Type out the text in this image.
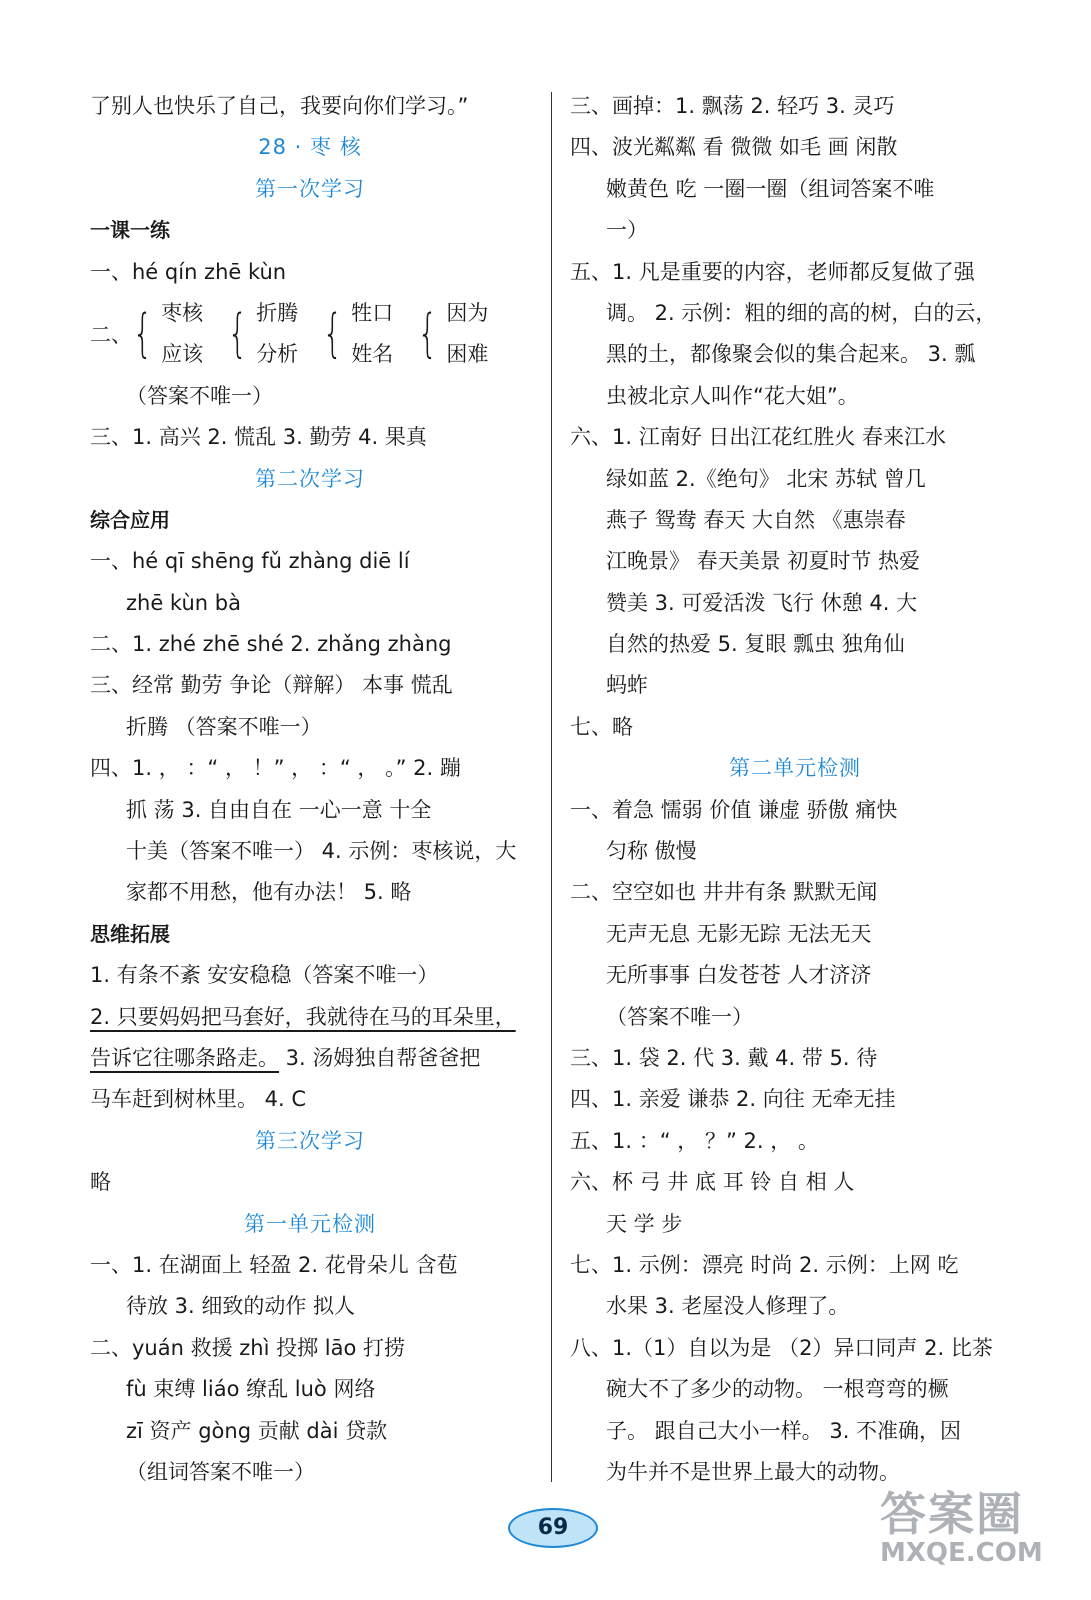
了别人也快乐了自己，我要向你们学习。”
28 · 枣 核
第一次学习
一课一练
一、hé qín zhē kùn
二、 { 枣核
应该 { 折腾
分析 { 牲口
姓名 { 因为
困难
（答案不唯一）
三、1. 高兴 2. 慌乱 3. 勤劳 4. 果真
第二次学习
综合应用
一、hé qī shēng fǔ zhàng diē lí
zhē kùn bà
二、1. zhé zhē shé 2. zhǎng zhàng
三、经常 勤劳 争论（辩解） 本事 慌乱
折腾 （答案不唯一）
四、1. ， ：“ ， ！” ， ：“ ， 。” 2. 蹦
抓 荡 3. 自由自在 一心一意 十全
十美（答案不唯一） 4. 示例：枣核说，大
家都不用愁，他有办法！ 5. 略
思维拓展
1. 有条不紊 安安稳稳（答案不唯一）
2. 只要妈妈把马套好，我就待在马的耳朵里，
告诉它往哪条路走。 3. 汤姆独自帮爸爸把
马车赶到树林里。 4. C
第三次学习
略
第一单元检测
一、1. 在湖面上 轻盈 2. 花骨朵儿 含苞
待放 3. 细致的动作 拟人
二、yuán 救援 zhì 投掷 lāo 打捞
fù 束缚 liáo 缭乱 luò 网络
zī 资产 gòng 贡献 dài 贷款
（组词答案不唯一）
三、画掉：1. 飘荡 2. 轻巧 3. 灵巧
四、波光粼粼 看 微微 如毛 画 闲散
嫩黄色 吃 一圈一圈（组词答案不唯
一）
五、1. 凡是重要的内容，老师都反复做了强
调。 2. 示例：粗的细的高的树，白的云，
黑的土，都像聚会似的集合起来。 3. 瓢
虫被北京人叫作“花大姐”。
六、1. 江南好 日出江花红胜火 春来江水
绿如蓝 2.《绝句》 北宋 苏轼 曾几
燕子 鸳鸯 春天 大自然 《惠崇春
江晚景》 春天美景 初夏时节 热爱
赞美 3. 可爱活泼 飞行 休憩 4. 大
自然的热爱 5. 复眼 瓢虫 独角仙
蚂蚱
七、略
第二单元检测
一、着急 懦弱 价值 谦虚 骄傲 痛快
匀称 傲慢
二、空空如也 井井有条 默默无闻
无声无息 无影无踪 无法无天
无所事事 白发苍苍 人才济济
（答案不唯一）
三、1. 袋 2. 代 3. 戴 4. 带 5. 待
四、1. 亲爱 谦恭 2. 向往 无牵无挂
五、1. ：“ ， ？” 2. ， 。
六、杯 弓 井 底 耳 铃 自 相 人
天 学 步
七、1. 示例：漂亮 时尚 2. 示例：上网 吃
水果 3. 老屋没人修理了。
八、1.（1）自以为是 （2）异口同声 2. 比茶
碗大不了多少的动物。 一根弯弯的橛
子。 跟自己大小一样。 3. 不准确，因
为牛并不是世界上最大的动物。
69	答案圈
MXQE.COM
